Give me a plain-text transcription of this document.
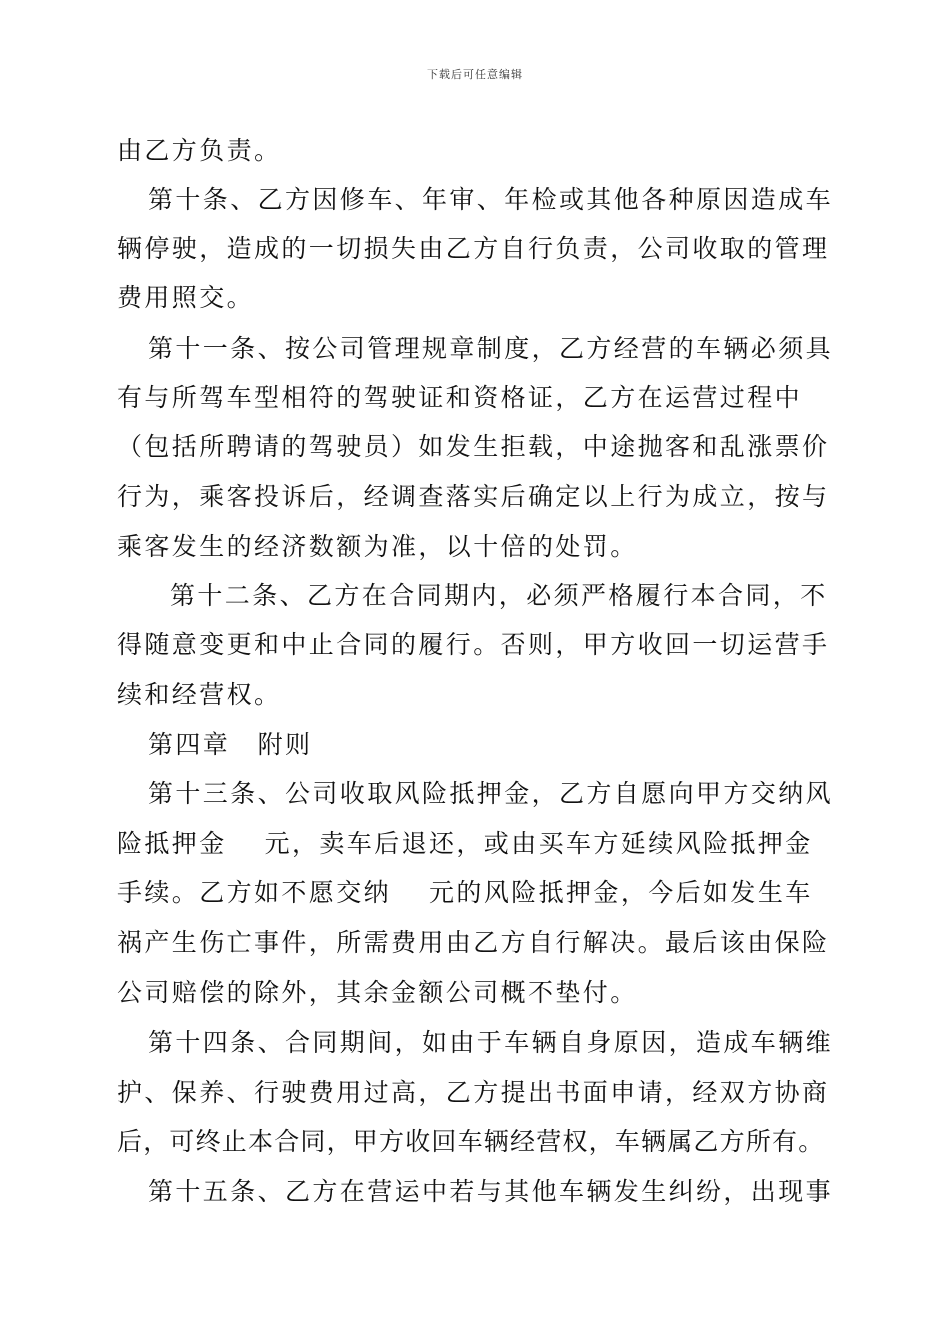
下载后可任意编辑
由乙方负责。
第十条、乙方因修车、年审、年检或其他各种原因造成车
辆停驶，造成的一切损失由乙方自行负责，公司收取的管理
费用照交。
第十一条、按公司管理规章制度，乙方经营的车辆必须具
有与所驾车型相符的驾驶证和资格证，乙方在运营过程中
（包括所聘请的驾驶员）如发生拒载，中途抛客和乱涨票价
行为，乘客投诉后，经调查落实后确定以上行为成立，按与
乘客发生的经济数额为准，以十倍的处罚。
第十二条、乙方在合同期内，必须严格履行本合同，不
得随意变更和中止合同的履行。否则，甲方收回一切运营手
续和经营权。
第四章　附则
第十三条、公司收取风险抵押金，乙方自愿向甲方交纳风
险抵押金 元，卖车后退还，或由买车方延续风险抵押金
手续。乙方如不愿交纳 元的风险抵押金，今后如发生车
祸产生伤亡事件，所需费用由乙方自行解决。最后该由保险
公司赔偿的除外，其余金额公司概不垫付。
第十四条、合同期间，如由于车辆自身原因，造成车辆维
护、保养、行驶费用过高，乙方提出书面申请，经双方协商
后，可终止本合同，甲方收回车辆经营权，车辆属乙方所有。
第十五条、乙方在营运中若与其他车辆发生纠纷，出现事
